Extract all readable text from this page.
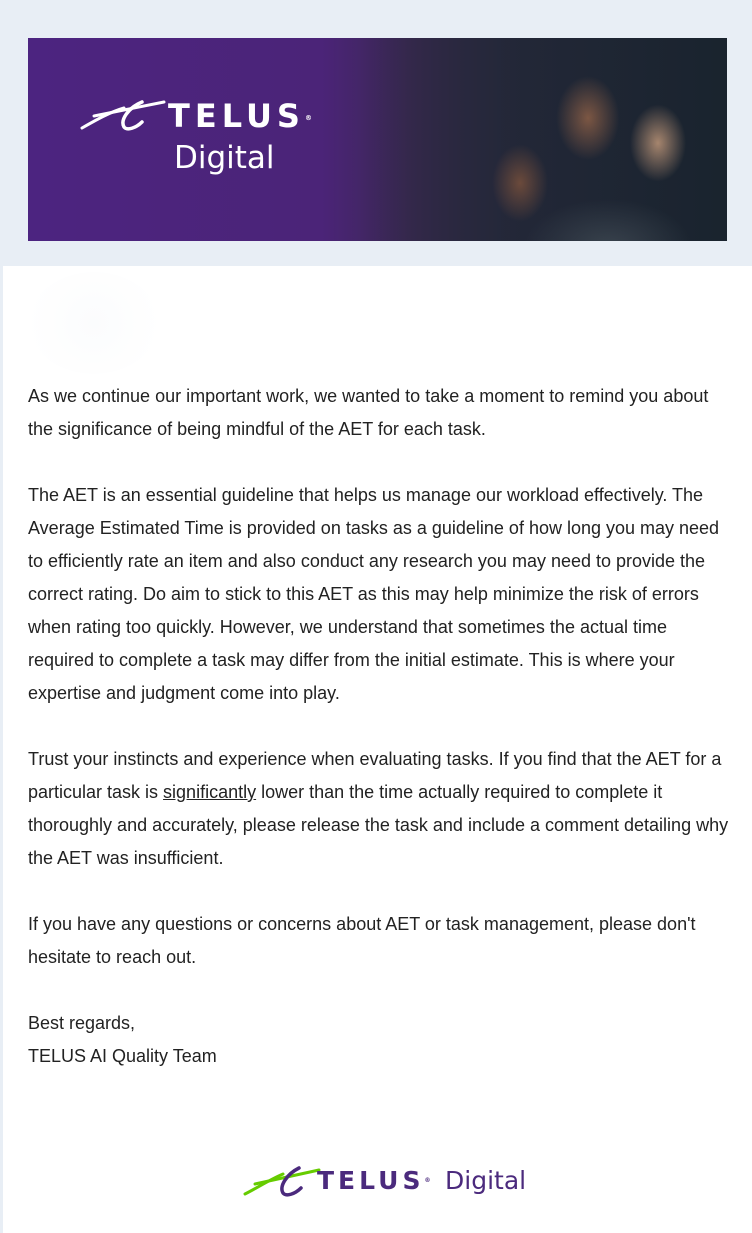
TELUS®
Digital

As we continue our important work, we wanted to take a moment to remind you about the significance of being mindful of the AET for each task.

The AET is an essential guideline that helps us manage our workload effectively. The Average Estimated Time is provided on tasks as a guideline of how long you may need to efficiently rate an item and also conduct any research you may need to provide the correct rating. Do aim to stick to this AET as this may help minimize the risk of errors when rating too quickly. However, we understand that sometimes the actual time required to complete a task may differ from the initial estimate. This is where your expertise and judgment come into play.

Trust your instincts and experience when evaluating tasks. If you find that the AET for a particular task is significantly lower than the time actually required to complete it thoroughly and accurately, please release the task and include a comment detailing why the AET was insufficient.

If you have any questions or concerns about AET or task management, please don't hesitate to reach out.

Best regards,

TELUS AI Quality Team

TELUS® Digital
